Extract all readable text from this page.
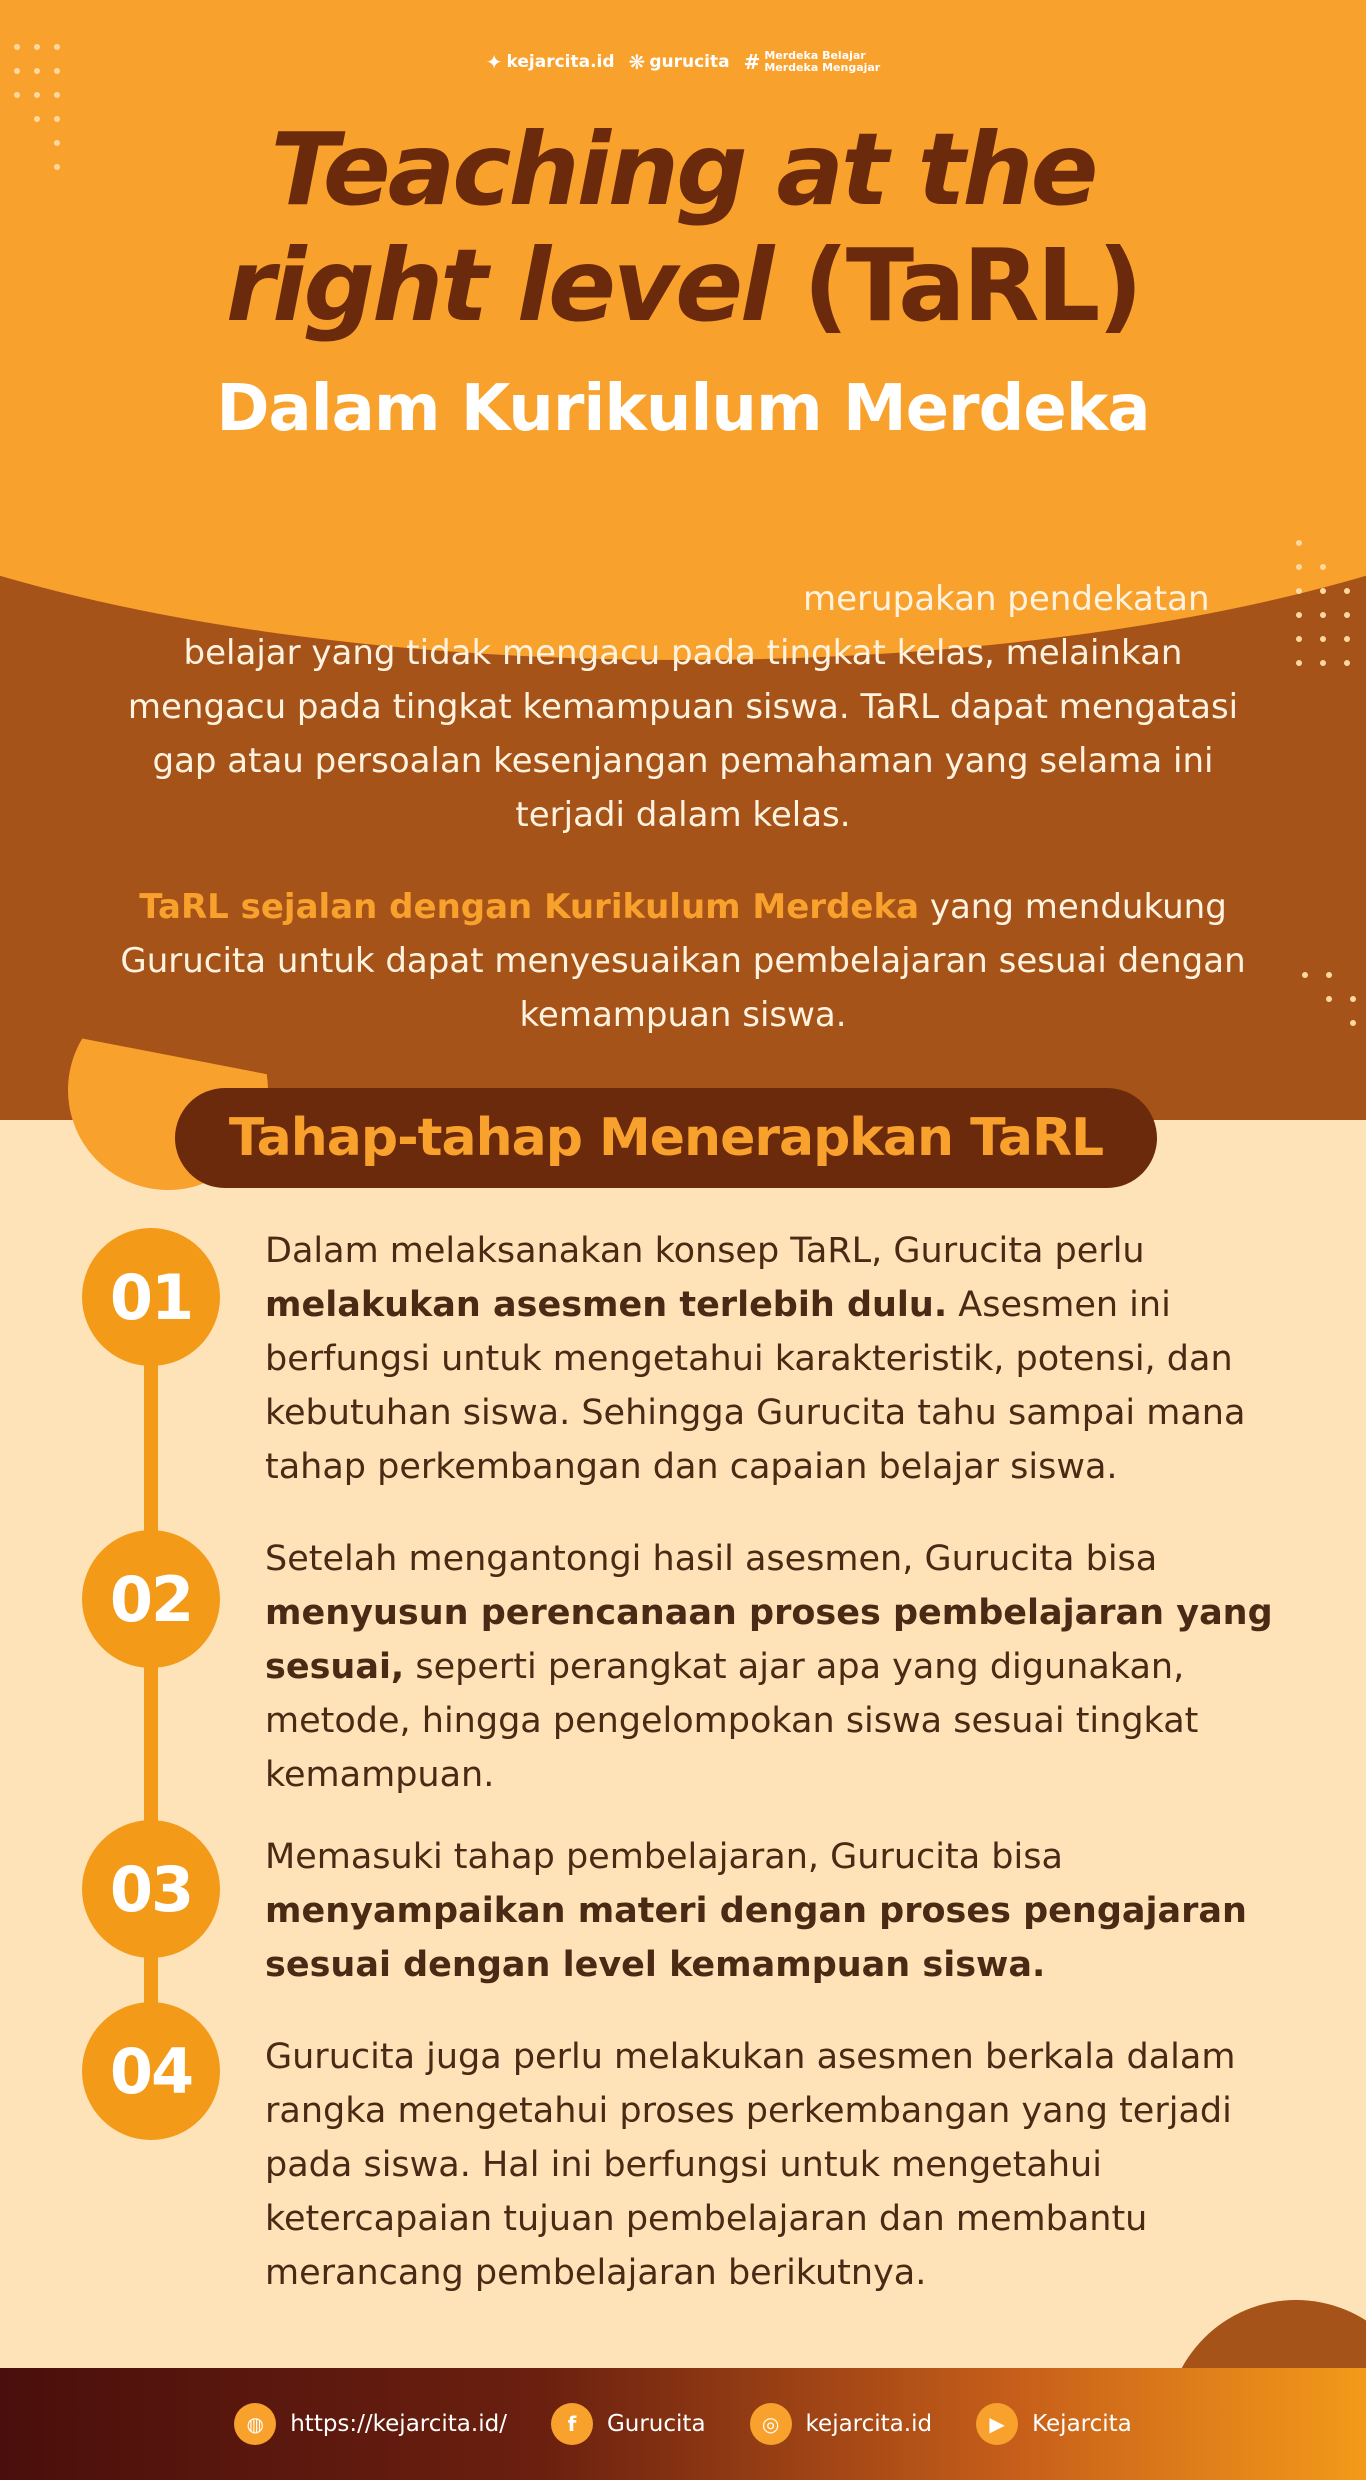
✦ kejarcita.id ❋ gurucita # Merdeka Belajar
Merdeka Mengajar
Teaching at the
right level (TaRL)
Dalam Kurikulum Merdeka
Teaching at the right level (TaRL) merupakan pendekatan belajar yang tidak mengacu pada tingkat kelas, melainkan mengacu pada tingkat kemampuan siswa. TaRL dapat mengatasi gap atau persoalan kesenjangan pemahaman yang selama ini terjadi dalam kelas.
TaRL sejalan dengan Kurikulum Merdeka yang mendukung Gurucita untuk dapat menyesuaikan pembelajaran sesuai dengan kemampuan siswa.
Tahap-tahap Menerapkan TaRL
01
Dalam melaksanakan konsep TaRL, Gurucita perlu melakukan asesmen terlebih dulu. Asesmen ini berfungsi untuk mengetahui karakteristik, potensi, dan kebutuhan siswa. Sehingga Gurucita tahu sampai mana tahap perkembangan dan capaian belajar siswa.
02
Setelah mengantongi hasil asesmen, Gurucita bisa menyusun perencanaan proses pembelajaran yang sesuai, seperti perangkat ajar apa yang digunakan, metode, hingga pengelompokan siswa sesuai tingkat kemampuan.
03	Memasuki tahap pembelajaran, Gurucita bisa menyampaikan materi dengan proses pengajaran sesuai dengan level kemampuan siswa.
04	Gurucita juga perlu melakukan asesmen berkala dalam rangka mengetahui proses perkembangan yang terjadi pada siswa. Hal ini berfungsi untuk mengetahui ketercapaian tujuan pembelajaran dan membantu merancang pembelajaran berikutnya.
◍	https://kejarcita.id/	f	Gurucita	◎	kejarcita.id	▶	Kejarcita
